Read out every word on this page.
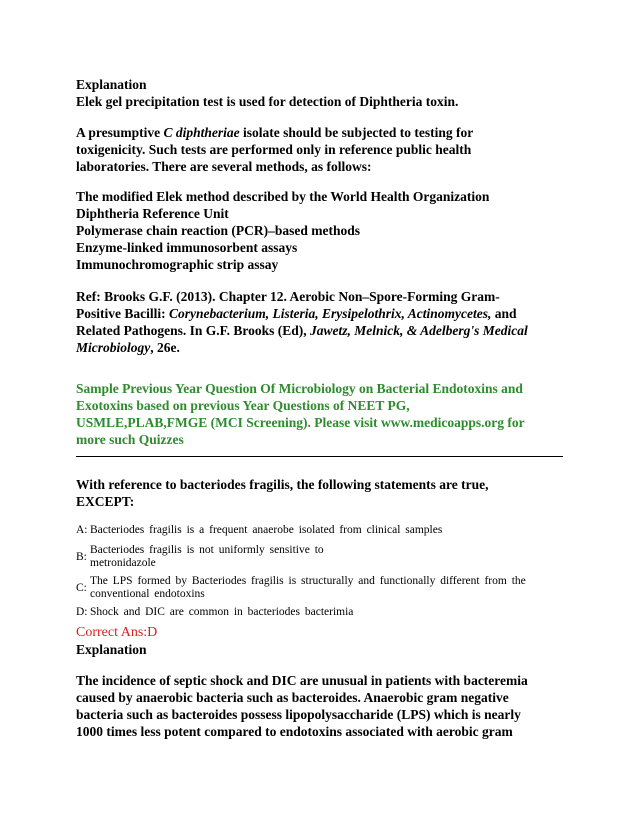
Explanation
Elek gel precipitation test is used for detection of Diphtheria toxin.
A presumptive C diphtheriae isolate should be subjected to testing for
toxigenicity. Such tests are performed only in reference public health
laboratories. There are several methods, as follows:
The modified Elek method described by the World Health Organization
Diphtheria Reference Unit
Polymerase chain reaction (PCR)–based methods
Enzyme-linked immunosorbent assays
Immunochromographic strip assay
Ref: Brooks G.F. (2013). Chapter 12. Aerobic Non–Spore-Forming Gram-
Positive Bacilli: Corynebacterium, Listeria, Erysipelothrix, Actinomycetes, and
Related Pathogens. In G.F. Brooks (Ed), Jawetz, Melnick, & Adelberg's Medical
Microbiology, 26e.
Sample Previous Year Question Of Microbiology on Bacterial Endotoxins and
Exotoxins based on previous Year Questions of NEET PG,
USMLE,PLAB,FMGE (MCI Screening). Please visit www.medicoapps.org for
more such Quizzes
With reference to bacteriodes fragilis, the following statements are true,
EXCEPT:
A: Bacteriodes fragilis is a frequent anaerobe isolated from clinical samples
B:
Bacteriodes fragilis is not uniformly sensitive to
metronidazole
C:
The LPS formed by Bacteriodes fragilis is structurally and functionally different from the
conventional endotoxins
D: Shock and DIC are common in bacteriodes bacterimia
Correct Ans:D
Explanation
The incidence of septic shock and DIC are unusual in patients with bacteremia
caused by anaerobic bacteria such as bacteroides. Anaerobic gram negative
bacteria such as bacteroides possess lipopolysaccharide (LPS) which is nearly
1000 times less potent compared to endotoxins associated with aerobic gram
